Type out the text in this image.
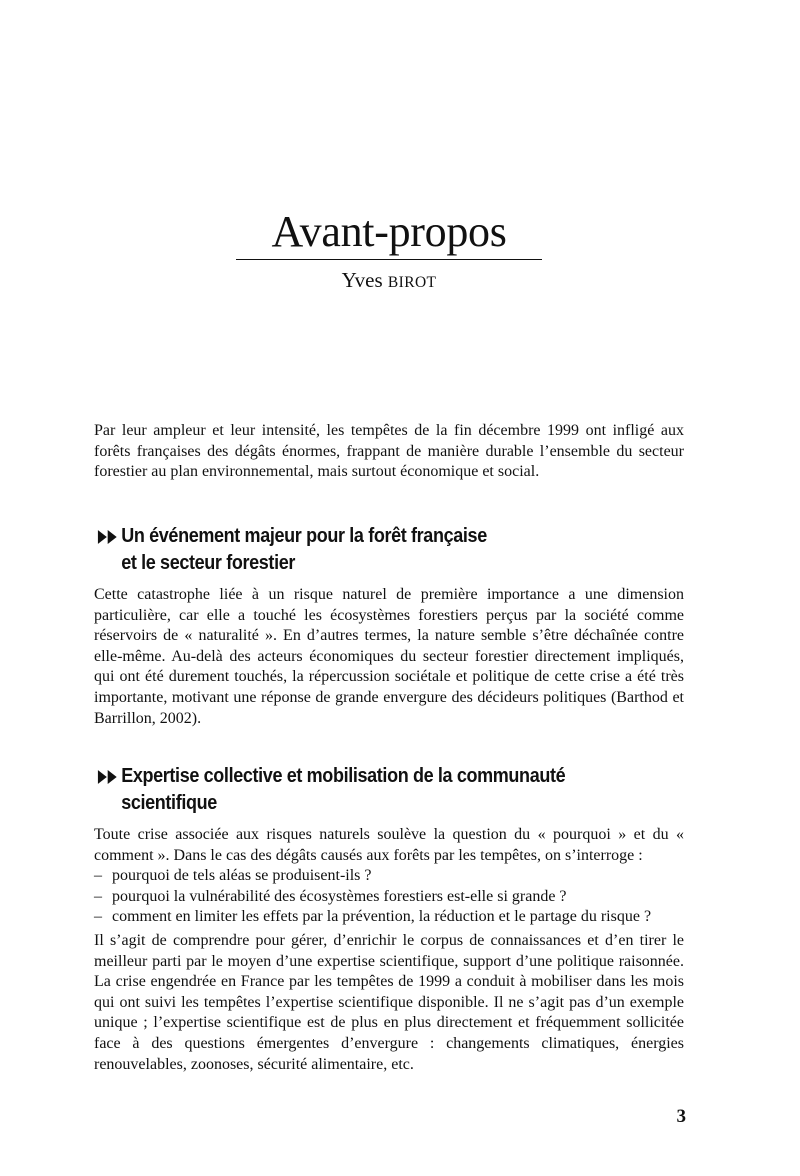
Avant-propos
Yves BIROT

Par leur ampleur et leur intensité, les tempêtes de la fin décembre 1999 ont infligé aux forêts françaises des dégâts énormes, frappant de manière durable l’ensemble du secteur forestier au plan environnemental, mais surtout économique et social.

Un événement majeur pour la forêt française
et le secteur forestier

Cette catastrophe liée à un risque naturel de première importance a une dimension particulière, car elle a touché les écosystèmes forestiers perçus par la société comme réservoirs de « naturalité ». En d’autres termes, la nature semble s’être déchaînée contre elle-même. Au-delà des acteurs économiques du secteur forestier directement impliqués, qui ont été durement touchés, la répercussion sociétale et politique de cette crise a été très importante, motivant une réponse de grande envergure des décideurs politiques (Barthod et Barrillon, 2002).

Expertise collective et mobilisation de la communauté
scientifique

Toute crise associée aux risques naturels soulève la question du « pourquoi » et du « comment ». Dans le cas des dégâts causés aux forêts par les tempêtes, on s’interroge :

– pourquoi de tels aléas se produisent-ils ?
– pourquoi la vulnérabilité des écosystèmes forestiers est-elle si grande ?
– comment en limiter les effets par la prévention, la réduction et le partage du risque ?

Il s’agit de comprendre pour gérer, d’enrichir le corpus de connaissances et d’en tirer le meilleur parti par le moyen d’une expertise scientifique, support d’une politique raisonnée. La crise engendrée en France par les tempêtes de 1999 a conduit à mobiliser dans les mois qui ont suivi les tempêtes l’expertise scientifique disponible. Il ne s’agit pas d’un exemple unique ; l’expertise scientifique est de plus en plus directement et fréquemment sollicitée face à des questions émergentes d’envergure : changements climatiques, énergies renouvelables, zoonoses, sécurité alimentaire, etc.

3
